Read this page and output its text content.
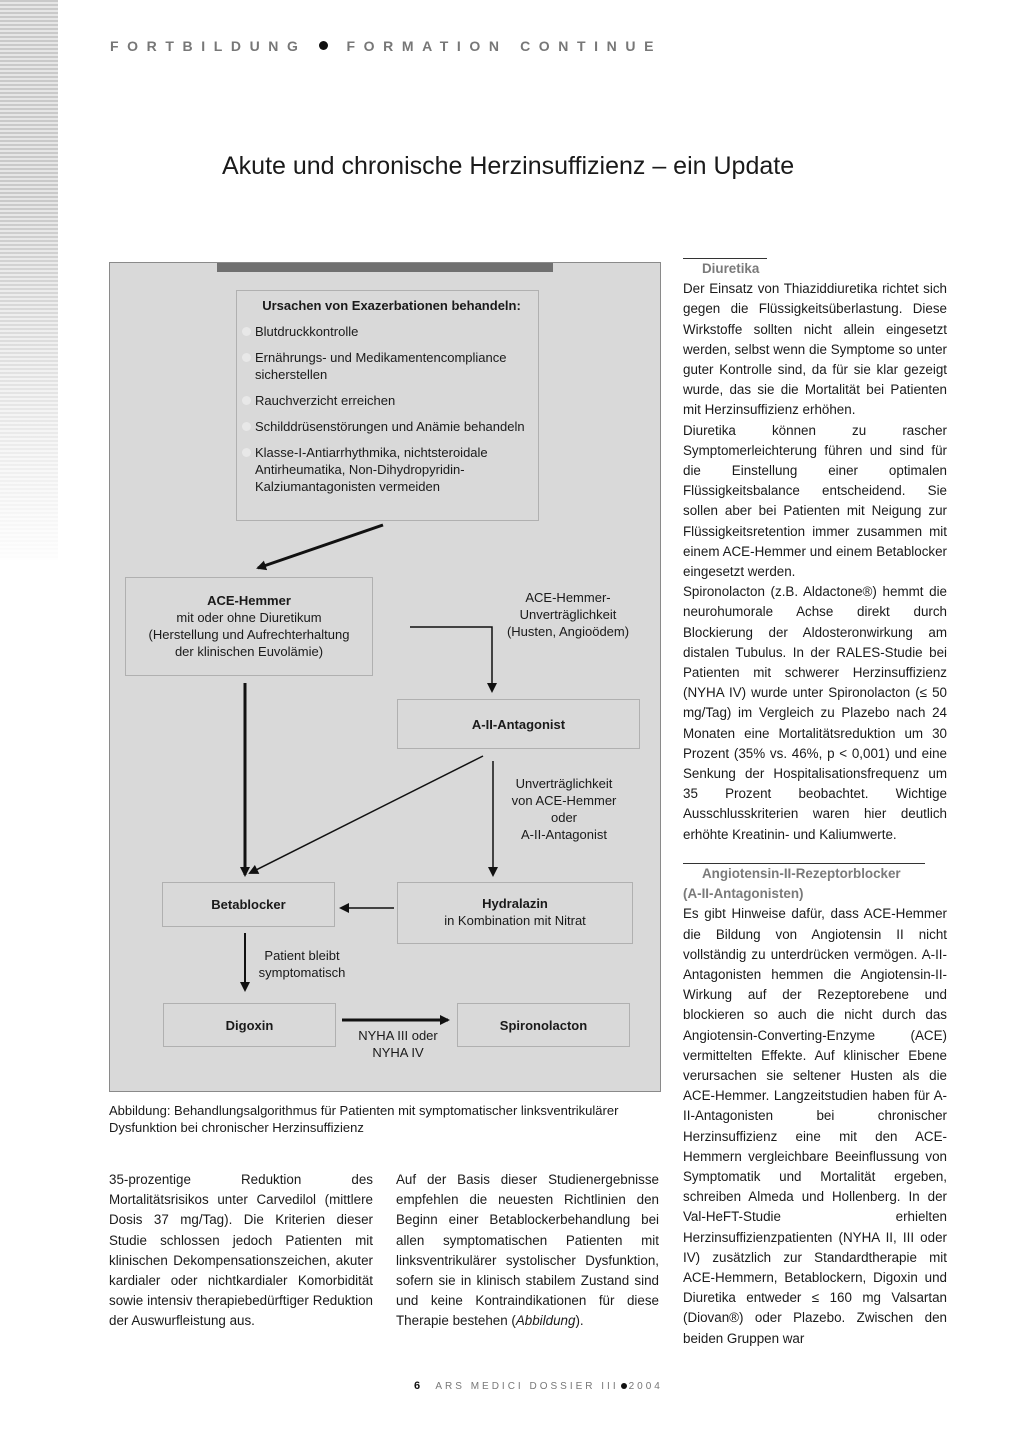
FORTBILDUNG	FORMATION CONTINUE
Akute und chronische Herzinsuffizienz – ein Update
Ursachen von Exazerbationen behandeln:
Blutdruckkontrolle
Ernährungs- und Medikamentencompliance sicherstellen
Rauchverzicht erreichen
Schilddrüsenstörungen und Anämie behandeln
Klasse-I-Antiarrhythmika, nichtsteroidale Antirheumatika, Non-Dihydropyridin-Kalziumantagonisten vermeiden
ACE-Hemmer
mit oder ohne Diuretikum
(Herstellung und Aufrechterhaltung
der klinischen Euvolämie)
ACE-Hemmer-
Unverträglichkeit
(Husten, Angioödem)
A-II-Antagonist
Unverträglichkeit
von ACE-Hemmer
oder
A-II-Antagonist
Betablocker	Hydralazin
in Kombination mit Nitrat
Patient bleibt
symptomatisch
Digoxin
NYHA III oder
NYHA IV
Spironolacton
Abbildung: Behandlungsalgorithmus für Patienten mit symptomatischer linksventrikulärer Dysfunktion bei chronischer Herzinsuffizienz

35-prozentige Reduktion des Mortalitätsrisikos unter Carvedilol (mittlere Dosis 37 mg/Tag). Die Kriterien dieser Studie schlossen jedoch Patienten mit klinischen Dekompensationszeichen, akuter kardialer oder nichtkardialer Komorbidität sowie intensiv therapiebedürftiger Reduktion der Auswurfleistung aus.

Auf der Basis dieser Studienergebnisse empfehlen die neuesten Richtlinien den Beginn einer Betablockerbehandlung bei allen symptomatischen Patienten mit linksventrikulärer systolischer Dysfunktion, sofern sie in klinisch stabilem Zustand sind und keine Kontraindikationen für diese Therapie bestehen (Abbildung).

Diuretika

Der Einsatz von Thiaziddiuretika richtet sich gegen die Flüssigkeitsüberlastung. Diese Wirkstoffe sollten nicht allein eingesetzt werden, selbst wenn die Symptome so unter guter Kontrolle sind, da für sie klar gezeigt wurde, das sie die Mortalität bei Patienten mit Herzinsuffizienz erhöhen.

Diuretika können zu rascher Symptomerleichterung führen und sind für die Einstellung einer optimalen Flüssigkeitsbalance entscheidend. Sie sollen aber bei Patienten mit Neigung zur Flüssigkeitsretention immer zusammen mit einem ACE-Hemmer und einem Betablocker eingesetzt werden.

Spironolacton (z.B. Aldactone®) hemmt die neurohumorale Achse direkt durch Blockierung der Aldosteronwirkung am distalen Tubulus. In der RALES-Studie bei Patienten mit schwerer Herzinsuffizienz (NYHA IV) wurde unter Spironolacton (≤ 50 mg/Tag) im Vergleich zu Plazebo nach 24 Monaten eine Mortalitätsreduktion um 30 Prozent (35% vs. 46%, p < 0,001) und eine Senkung der Hospitalisationsfrequenz um 35 Prozent beobachtet. Wichtige Ausschlusskriterien waren hier deutlich erhöhte Kreatinin- und Kaliumwerte.

Angiotensin-II-Rezeptorblocker
(A-II-Antagonisten)

Es gibt Hinweise dafür, dass ACE-Hemmer die Bildung von Angiotensin II nicht vollständig zu unterdrücken vermögen. A-II-Antagonisten hemmen die Angiotensin-II-Wirkung auf der Rezeptorebene und blockieren so auch die nicht durch das Angiotensin-Converting-Enzyme (ACE) vermittelten Effekte. Auf klinischer Ebene verursachen sie seltener Husten als die ACE-Hemmer. Langzeitstudien haben für A-II-Antagonisten bei chronischer Herzinsuffizienz eine mit den ACE-Hemmern vergleichbare Beeinflussung von Symptomatik und Mortalität ergeben, schreiben Almeda und Hollenberg. In der Val-HeFT-Studie erhielten Herzinsuffizienzpatienten (NYHA II, III oder IV) zusätzlich zur Standardtherapie mit ACE-Hemmern, Betablockern, Digoxin und Diuretika entweder ≤ 160 mg Valsartan (Diovan®) oder Plazebo. Zwischen den beiden Gruppen war

6 ARS MEDICI DOSSIER III 2004
